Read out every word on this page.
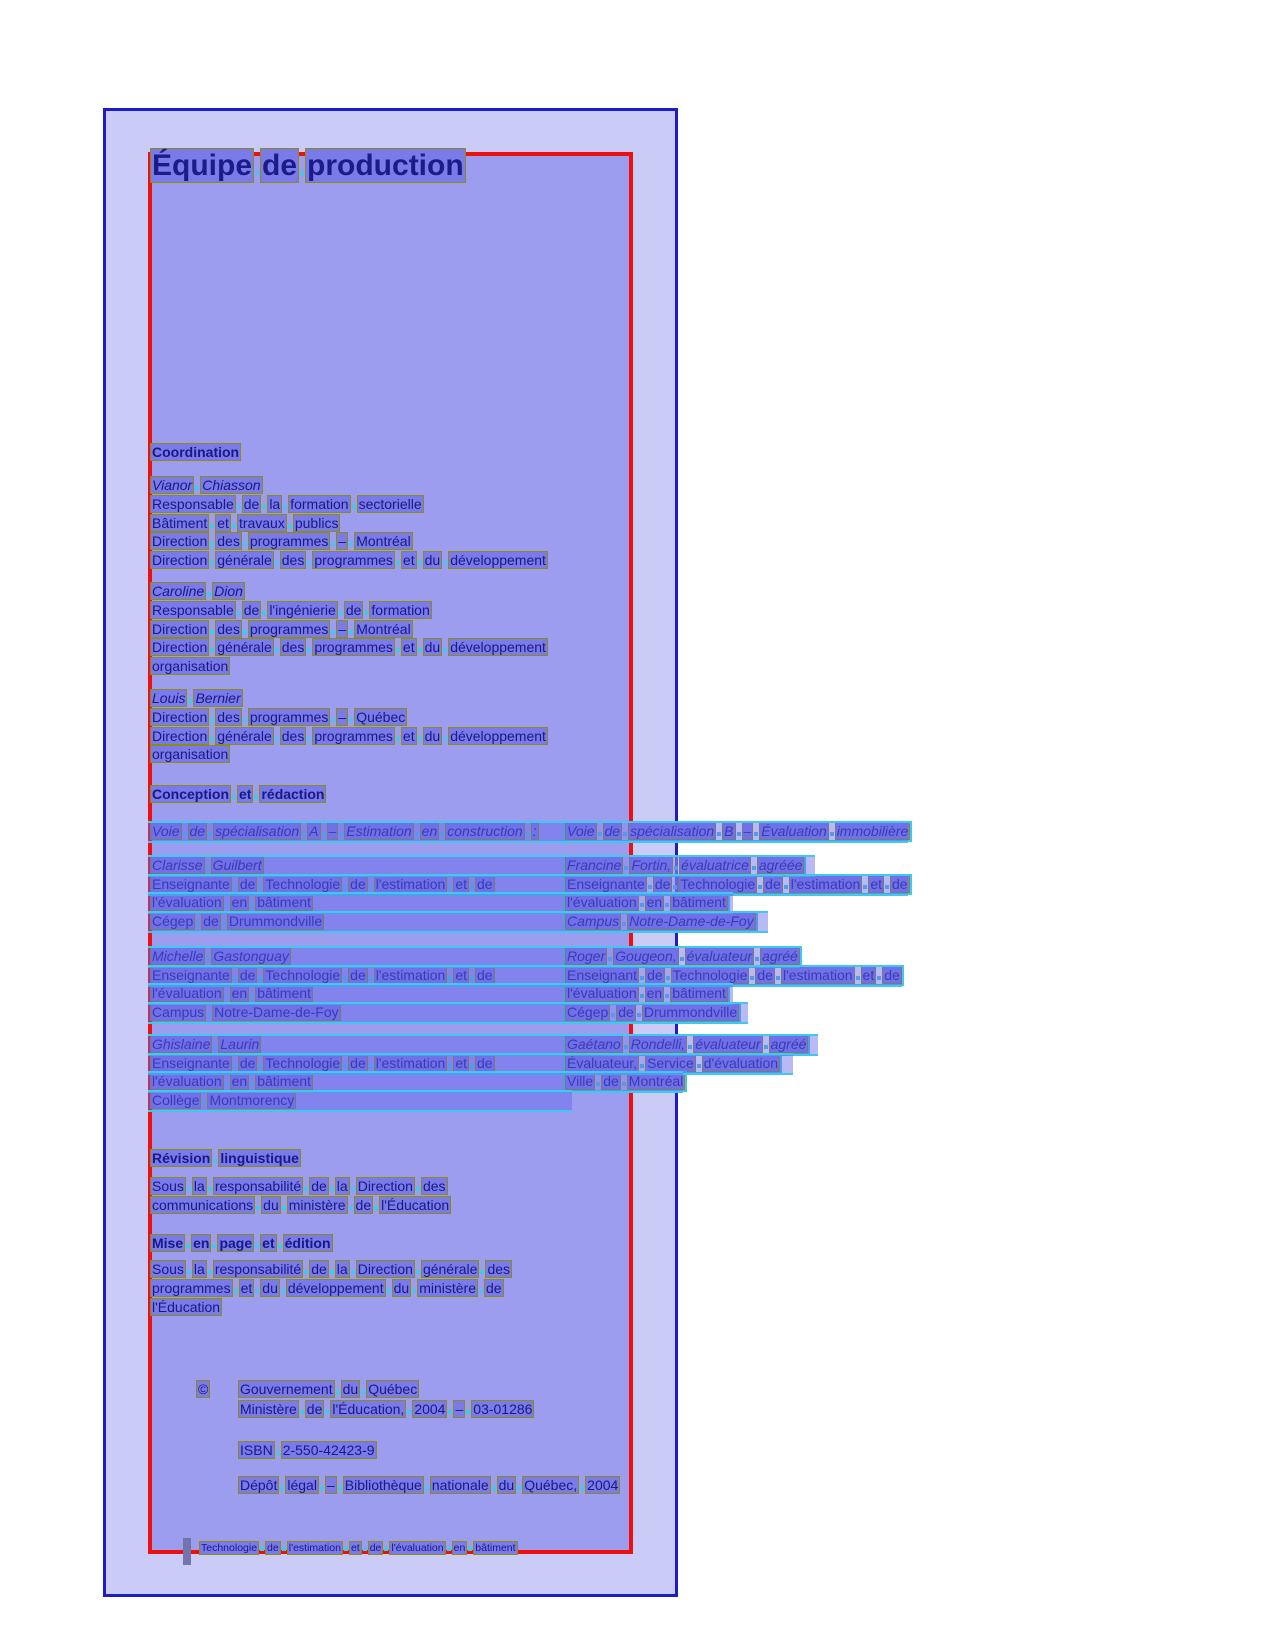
Équipe de production
Coordination
Vianor Chiasson
Responsable de la formation sectorielle
Bâtiment et travaux publics
Direction des programmes – Montréal
Direction générale des programmes et du développement
Caroline Dion
Responsable de l'ingénierie de formation
Direction des programmes – Montréal
Direction générale des programmes et du développement
organisation
Louis Bernier
Direction des programmes – Québec
Direction générale des programmes et du développement
organisation
Conception et rédaction
Voie de spécialisation A – Estimation en construction : Voie de spécialisation B – Évaluation immobilière
Clarisse Guilbert	Francine Fortin, évaluatrice agréée
Enseignante de Technologie de l'estimation et de	Enseignante de Technologie de l'estimation et de
l'évaluation en bâtiment	l'évaluation en bâtiment
Cégep de Drummondville	Campus Notre-Dame-de-Foy
Michelle Gastonguay	Roger Gougeon, évaluateur agréé
Enseignante de Technologie de l'estimation et de	Enseignant de Technologie de l'estimation et de
l'évaluation en bâtiment	l'évaluation en bâtiment
Campus Notre-Dame-de-Foy	Cégep de Drummondville
Ghislaine Laurin	Gaétano Rondelli, évaluateur agréé
Enseignante de Technologie de l'estimation et de	Évaluateur, Service d'évaluation
l'évaluation en bâtiment	Ville de Montréal
Collège Montmorency
Révision linguistique
Sous la responsabilité de la Direction des
communications du ministère de l'Éducation
Mise en page et édition
Sous la responsabilité de la Direction générale des
programmes et du développement du ministère de
l'Éducation
© Gouvernement du Québec
Ministère de l'Éducation, 2004 – 03-01286
ISBN 2-550-42423-9
Dépôt légal – Bibliothèque nationale du Québec, 2004
Technologie de l'estimation et de l'évaluation en bâtiment
